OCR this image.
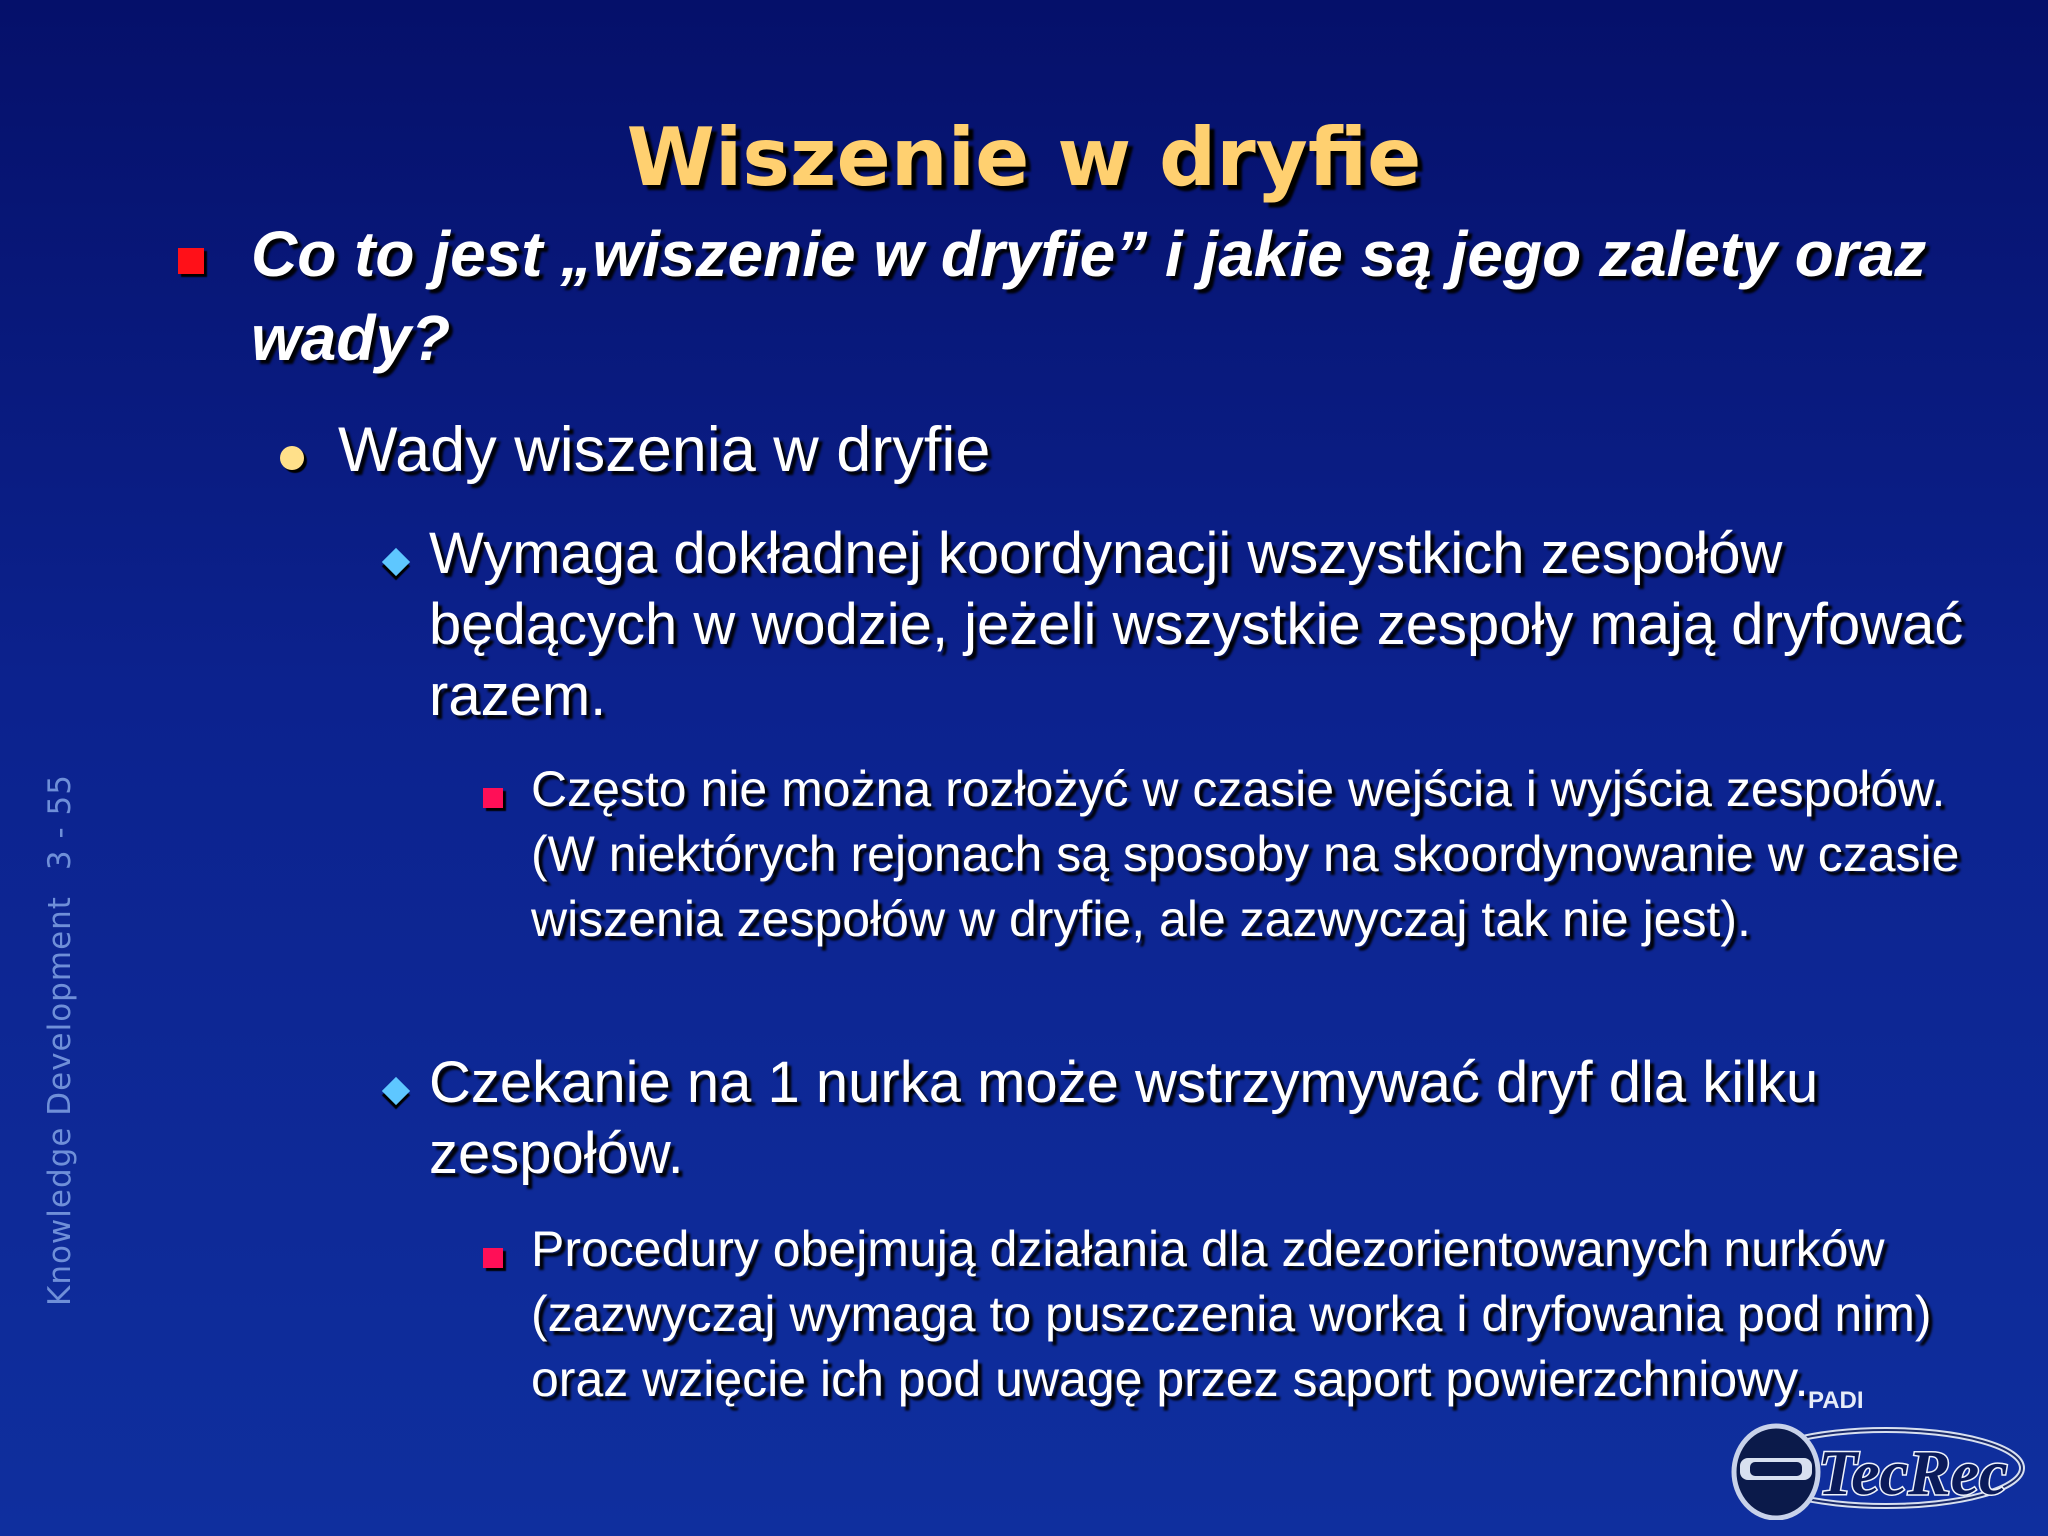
Wiszenie w dryfie

Co to jest „wiszenie w dryfie” i jakie są jego zalety oraz wady?

Wady wiszenia w dryfie

Wymaga dokładnej koordynacji wszystkich zespołów będących w wodzie, jeżeli wszystkie zespoły mają dryfować razem.

Często nie można rozłożyć w czasie wejścia i wyjścia zespołów. (W niektórych rejonach są sposoby na skoordynowanie w czasie wiszenia zespołów w dryfie, ale zazwyczaj tak nie jest).

Czekanie na 1 nurka może wstrzymywać dryf dla kilku zespołów.

Procedury obejmują działania dla zdezorientowanych nurków (zazwyczaj wymaga to puszczenia worka i dryfowania pod nim) oraz wzięcie ich pod uwagę przez saport powierzchniowy.

Knowledge Development3 - 55
PADI
TecRec
